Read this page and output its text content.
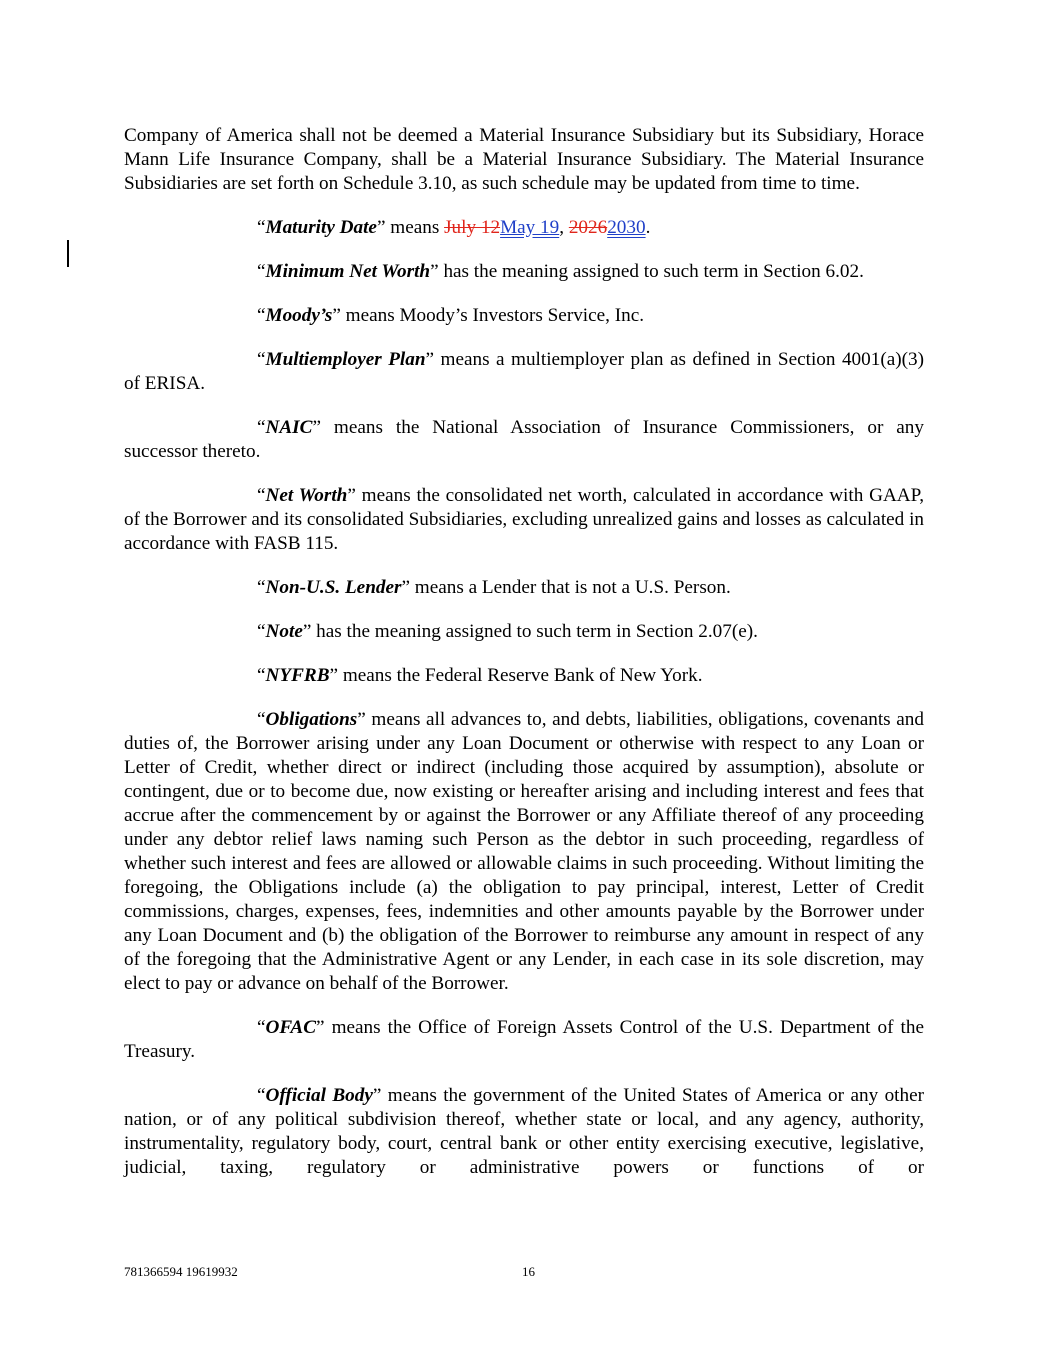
Company of America shall not be deemed a Material Insurance Subsidiary but its Subsidiary, Horace Mann Life Insurance Company, shall be a Material Insurance Subsidiary. The Material Insurance Subsidiaries are set forth on Schedule 3.10, as such schedule may be updated from time to time.

“Maturity Date” means July 12May 19, 20262030.

“Minimum Net Worth” has the meaning assigned to such term in Section 6.02.

“Moody’s” means Moody’s Investors Service, Inc.

“Multiemployer Plan” means a multiemployer plan as defined in Section 4001(a)(3) of ERISA.

“NAIC” means the National Association of Insurance Commissioners, or any successor thereto.

“Net Worth” means the consolidated net worth, calculated in accordance with GAAP, of the Borrower and its consolidated Subsidiaries, excluding unrealized gains and losses as calculated in accordance with FASB 115.

“Non-U.S. Lender” means a Lender that is not a U.S. Person.

“Note” has the meaning assigned to such term in Section 2.07(e).

“NYFRB” means the Federal Reserve Bank of New York.

“Obligations” means all advances to, and debts, liabilities, obligations, covenants and duties of, the Borrower arising under any Loan Document or otherwise with respect to any Loan or Letter of Credit, whether direct or indirect (including those acquired by assumption), absolute or contingent, due or to become due, now existing or hereafter arising and including interest and fees that accrue after the commencement by or against the Borrower or any Affiliate thereof of any proceeding under any debtor relief laws naming such Person as the debtor in such proceeding, regardless of whether such interest and fees are allowed or allowable claims in such proceeding. Without limiting the foregoing, the Obligations include (a) the obligation to pay principal, interest, Letter of Credit commissions, charges, expenses, fees, indemnities and other amounts payable by the Borrower under any Loan Document and (b) the obligation of the Borrower to reimburse any amount in respect of any of the foregoing that the Administrative Agent or any Lender, in each case in its sole discretion, may elect to pay or advance on behalf of the Borrower.

“OFAC” means the Office of Foreign Assets Control of the U.S. Department of the Treasury.

“Official Body” means the government of the United States of America or any other nation, or of any political subdivision thereof, whether state or local, and any agency, authority, instrumentality, regulatory body, court, central bank or other entity exercising executive, legislative, judicial, taxing, regulatory or administrative powers or functions of or

781366594 19619932	16
